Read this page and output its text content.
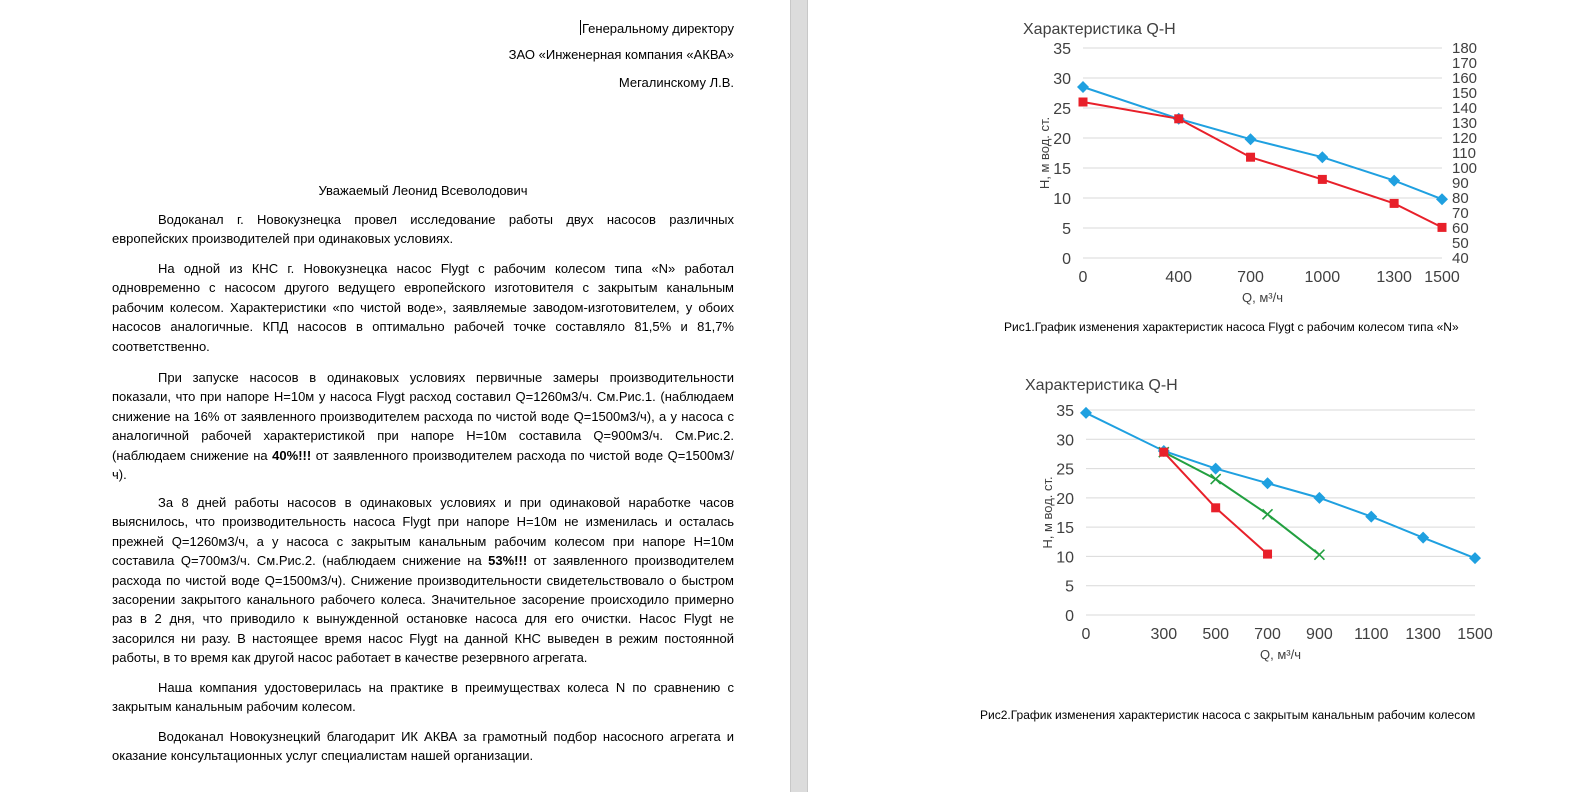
Генеральному директору
ЗАО «Инженерная компания «АКВА»
Мегалинскому Л.В.
Уважаемый Леонид Всеволодович
Водоканал г. Новокузнецка провел исследование работы двух насосов различных европейских производителей при одинаковых условиях.
На одной из КНС г. Новокузнецка насос Flygt с рабочим колесом типа «N» работал одновременно с насосом другого ведущего европейского изготовителя с закрытым канальным рабочим колесом. Характеристики «по чистой воде», заявляемые заводом-изготовителем, у обоих насосов аналогичные. КПД насосов в оптимально рабочей точке составляло 81,5% и 81,7% соответственно.
При запуске насосов в одинаковых условиях первичные замеры производительности показали, что при напоре H=10м у насоса Flygt расход составил Q=1260м3/ч. См.Рис.1. (наблюдаем снижение на 16% от заявленного производителем расхода по чистой воде Q=1500м3/ч), а у насоса с аналогичной рабочей характеристикой при напоре H=10м составила Q=900м3/ч. См.Рис.2. (наблюдаем снижение на 40%!!! от заявленного производителем расхода по чистой воде Q=1500м3/ч).
За 8 дней работы насосов в одинаковых условиях и при одинаковой наработке часов выяснилось, что производительность насоса Flygt при напоре H=10м не изменилась и осталась прежней Q=1260м3/ч, а у насоса с закрытым канальным рабочим колесом при напоре H=10м составила Q=700м3/ч. См.Рис.2. (наблюдаем снижение на 53%!!! от заявленного производителем расхода по чистой воде Q=1500м3/ч). Снижение производительности свидетельствовало о быстром засорении закрытого канального рабочего колеса. Значительное засорение происходило примерно раз в 2 дня, что приводило к вынужденной остановке насоса для его очистки. Насос Flygt не засорился ни разу. В настоящее время насос Flygt на данной КНС выведен в режим постоянной работы, в то время как другой насос работает в качестве резервного агрегата.
Наша компания удостоверилась на практике в преимуществах колеса N по сравнению с закрытым канальным рабочим колесом.
Водоканал Новокузнецкий благодарит ИК АКВА за грамотный подбор насосного агрегата и оказание консультационных услуг специалистам нашей организации.
Характеристика Q-H
0
5
10
15
20
25
30
35
40
50
60
70
80
90
100
110
120
130
140
150
160
170
180
0	400	700	1000 1300 1500
Q, м³/ч
H, м вод. ст.
Рис1.График изменения характеристик насоса Flygt с рабочим колесом типа «N»
Характеристика Q-H
0
5
10
15
20
25
30
35
0	300 500 700 900 1100 1300 1500
Q, м³/ч
H, м вод. ст.
Рис2.График изменения характеристик насоса с закрытым канальным рабочим колесом
